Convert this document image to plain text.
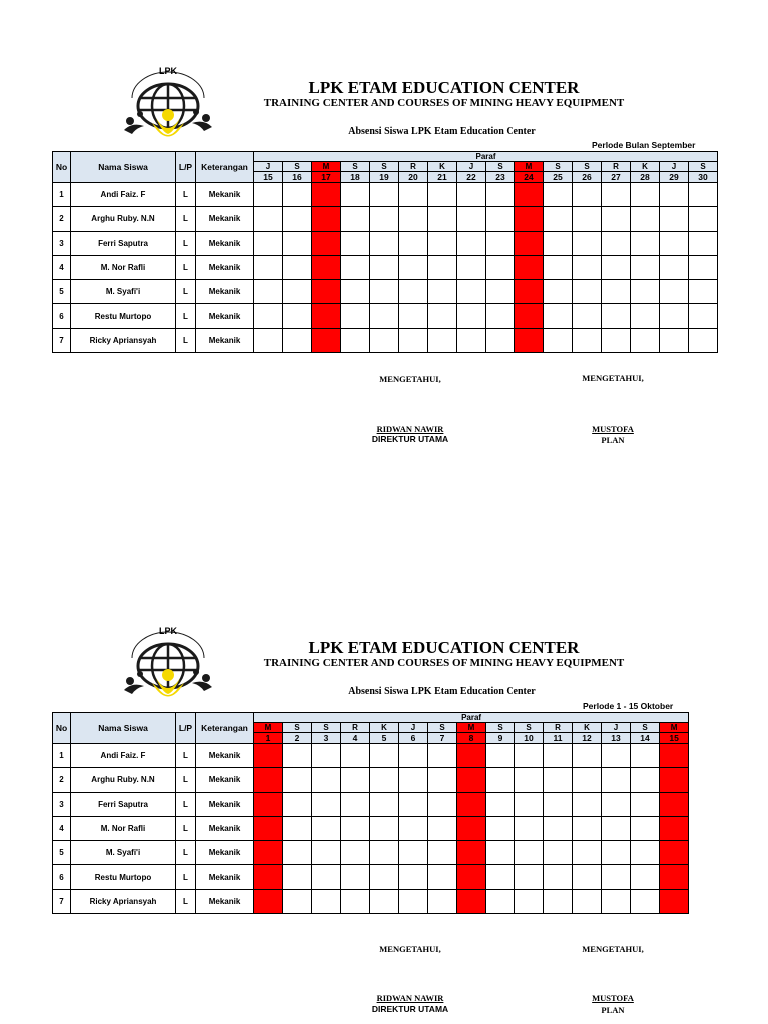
LPK
LPK ETAM EDUCATION CENTER
TRAINING CENTER AND COURSES OF MINING HEAVY EQUIPMENT
Absensi Siswa LPK Etam Education Center
Perlode Bulan September
No	Nama Siswa	L/P	Keterangan	Paraf															
				J	S	M	S	S	R	K	J	S	M	S	S	R	K	J	S
				15	16	17	18	19	20	21	22	23	24	25	26	27	28	29	30
1	Andi Faiz. F	L	Mekanik																
2	Arghu Ruby. N.N	L	Mekanik																
3	Ferri Saputra	L	Mekanik																
4	M. Nor Rafli	L	Mekanik																
5	M. Syafi'i	L	Mekanik																
6	Restu Murtopo	L	Mekanik																
7	Ricky Apriansyah	L	Mekanik																
MENGETAHUI,	MENGETAHUI,
RIDWAN NAWIR
DIREKTUR UTAMA
MUSTOFA
PLAN
LPK
LPK ETAM EDUCATION CENTER
TRAINING CENTER AND COURSES OF MINING HEAVY EQUIPMENT
Absensi Siswa LPK Etam Education Center
Perlode 1 - 15 Oktober
No	Nama Siswa	L/P	Keterangan	Paraf														
				M	S	S	R	K	J	S	M	S	S	R	K	J	S	M
				1	2	3	4	5	6	7	8	9	10	11	12	13	14	15
1	Andi Faiz. F	L	Mekanik															
2	Arghu Ruby. N.N	L	Mekanik															
3	Ferri Saputra	L	Mekanik															
4	M. Nor Rafli	L	Mekanik															
5	M. Syafi'i	L	Mekanik															
6	Restu Murtopo	L	Mekanik															
7	Ricky Apriansyah	L	Mekanik															
MENGETAHUI,	MENGETAHUI,
RIDWAN NAWIR
DIREKTUR UTAMA
MUSTOFA
PLAN
